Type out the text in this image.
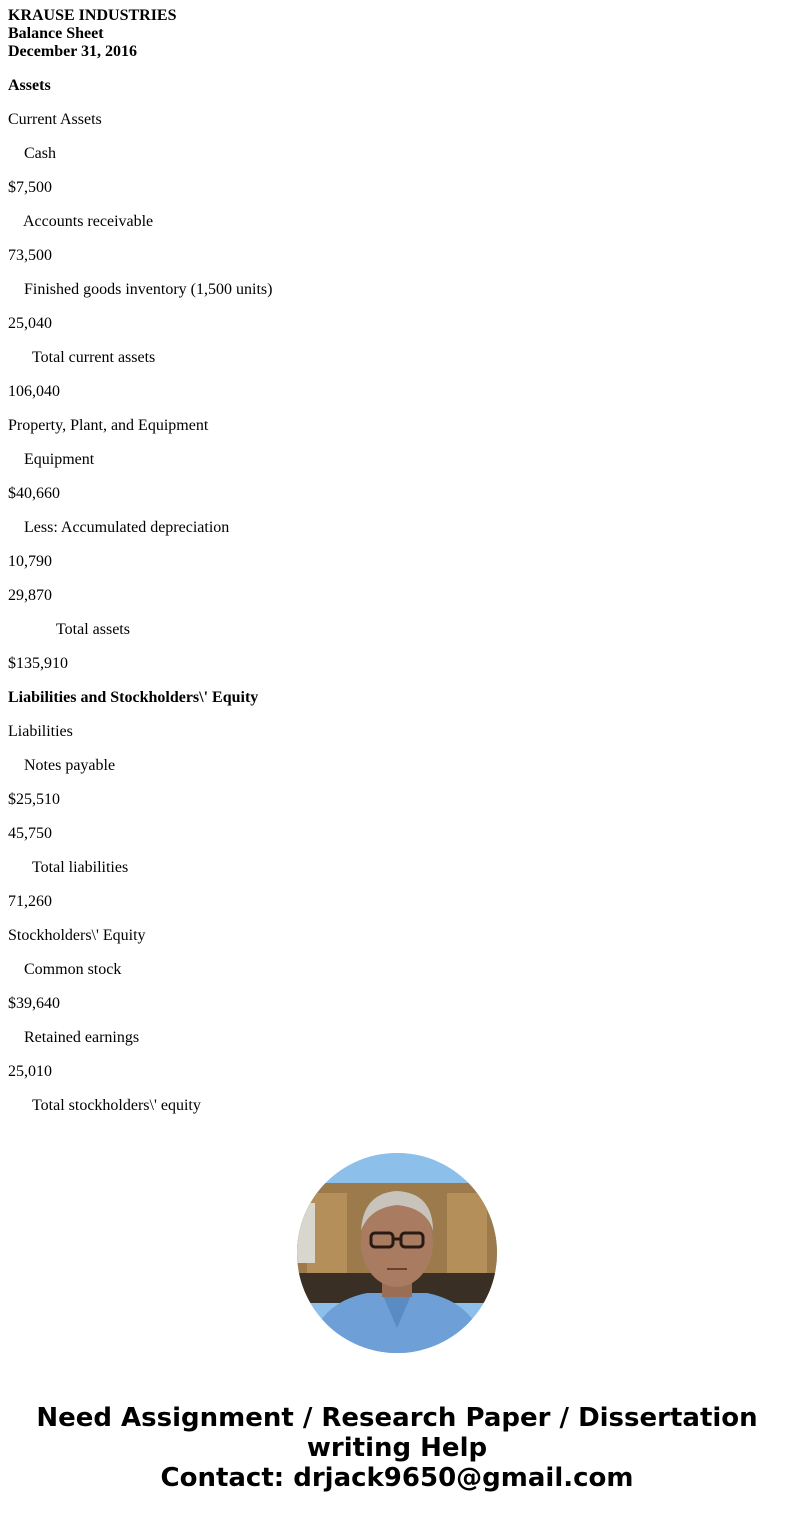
KRAUSE INDUSTRIES
Balance Sheet
December 31, 2016
Assets
Current Assets
Cash
$7,500
Accounts receivable
73,500
Finished goods inventory (1,500 units)
25,040
Total current assets
106,040
Property, Plant, and Equipment
Equipment
$40,660
Less: Accumulated depreciation
10,790
29,870
Total assets
$135,910
Liabilities and Stockholders\' Equity
Liabilities
Notes payable
$25,510
45,750
Total liabilities
71,260
Stockholders\' Equity
Common stock
$39,640
Retained earnings
25,010
Total stockholders\' equity
Need Assignment / Research Paper / Dissertation
writing Help
Contact: drjack9650@gmail.com
